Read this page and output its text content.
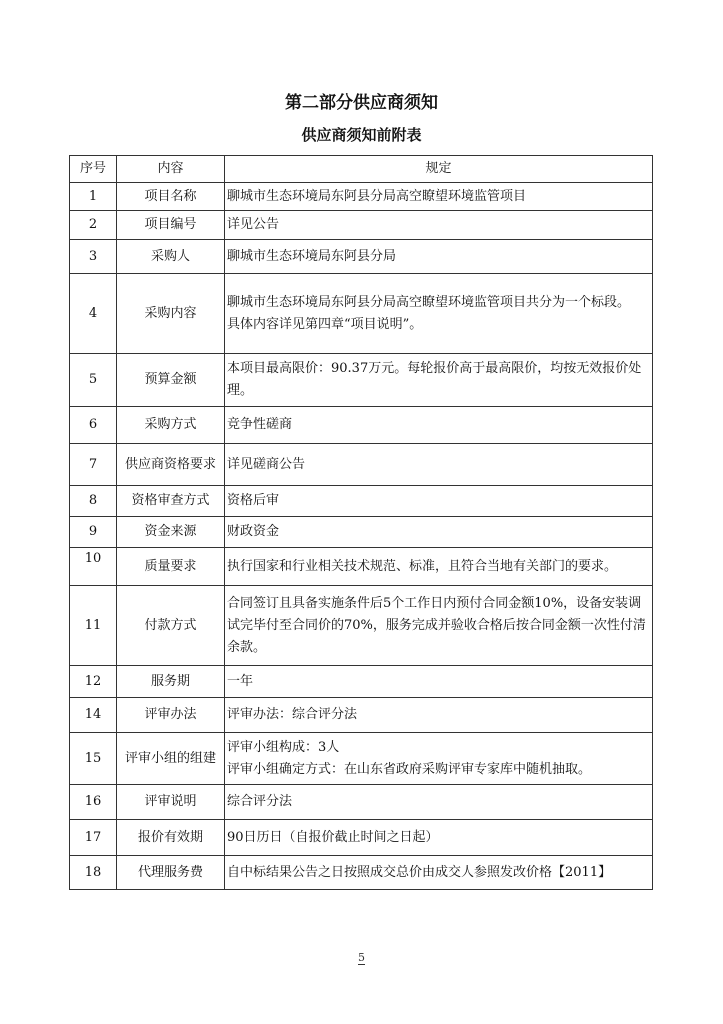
第二部分供应商须知
供应商须知前附表
序号	内容	规定
1	项目名称	聊城市生态环境局东阿县分局高空瞭望环境监管项目

2	项目编号	详见公告

3	采购人	聊城市生态环境局东阿县分局

4	采购内容	聊城市生态环境局东阿县分局高空瞭望环境监管项目共分为一个标段。
具体内容详见第四章“项目说明”。

5	预算金额	本项目最高限价：90.37万元。每轮报价高于最高限价，均按无效报价处理。

6	采购方式	竞争性磋商

7	供应商资格要求	详见磋商公告

8	资格审查方式	资格后审

9	资金来源	财政资金

10	质量要求	执行国家和行业相关技术规范、标准，且符合当地有关部门的要求。

11	付款方式	合同签订且具备实施条件后5个工作日内预付合同金额10%，设备安装调试完毕付至合同价的70%，服务完成并验收合格后按合同金额一次性付清余款。

12	服务期	一年

14	评审办法	评审办法：综合评分法

15	评审小组的组建	评审小组构成：3人
评审小组确定方式：在山东省政府采购评审专家库中随机抽取。

16	评审说明	综合评分法

17	报价有效期	90日历日（自报价截止时间之日起）

18	代理服务费	自中标结果公告之日按照成交总价由成交人参照发改价格【2011】
5
